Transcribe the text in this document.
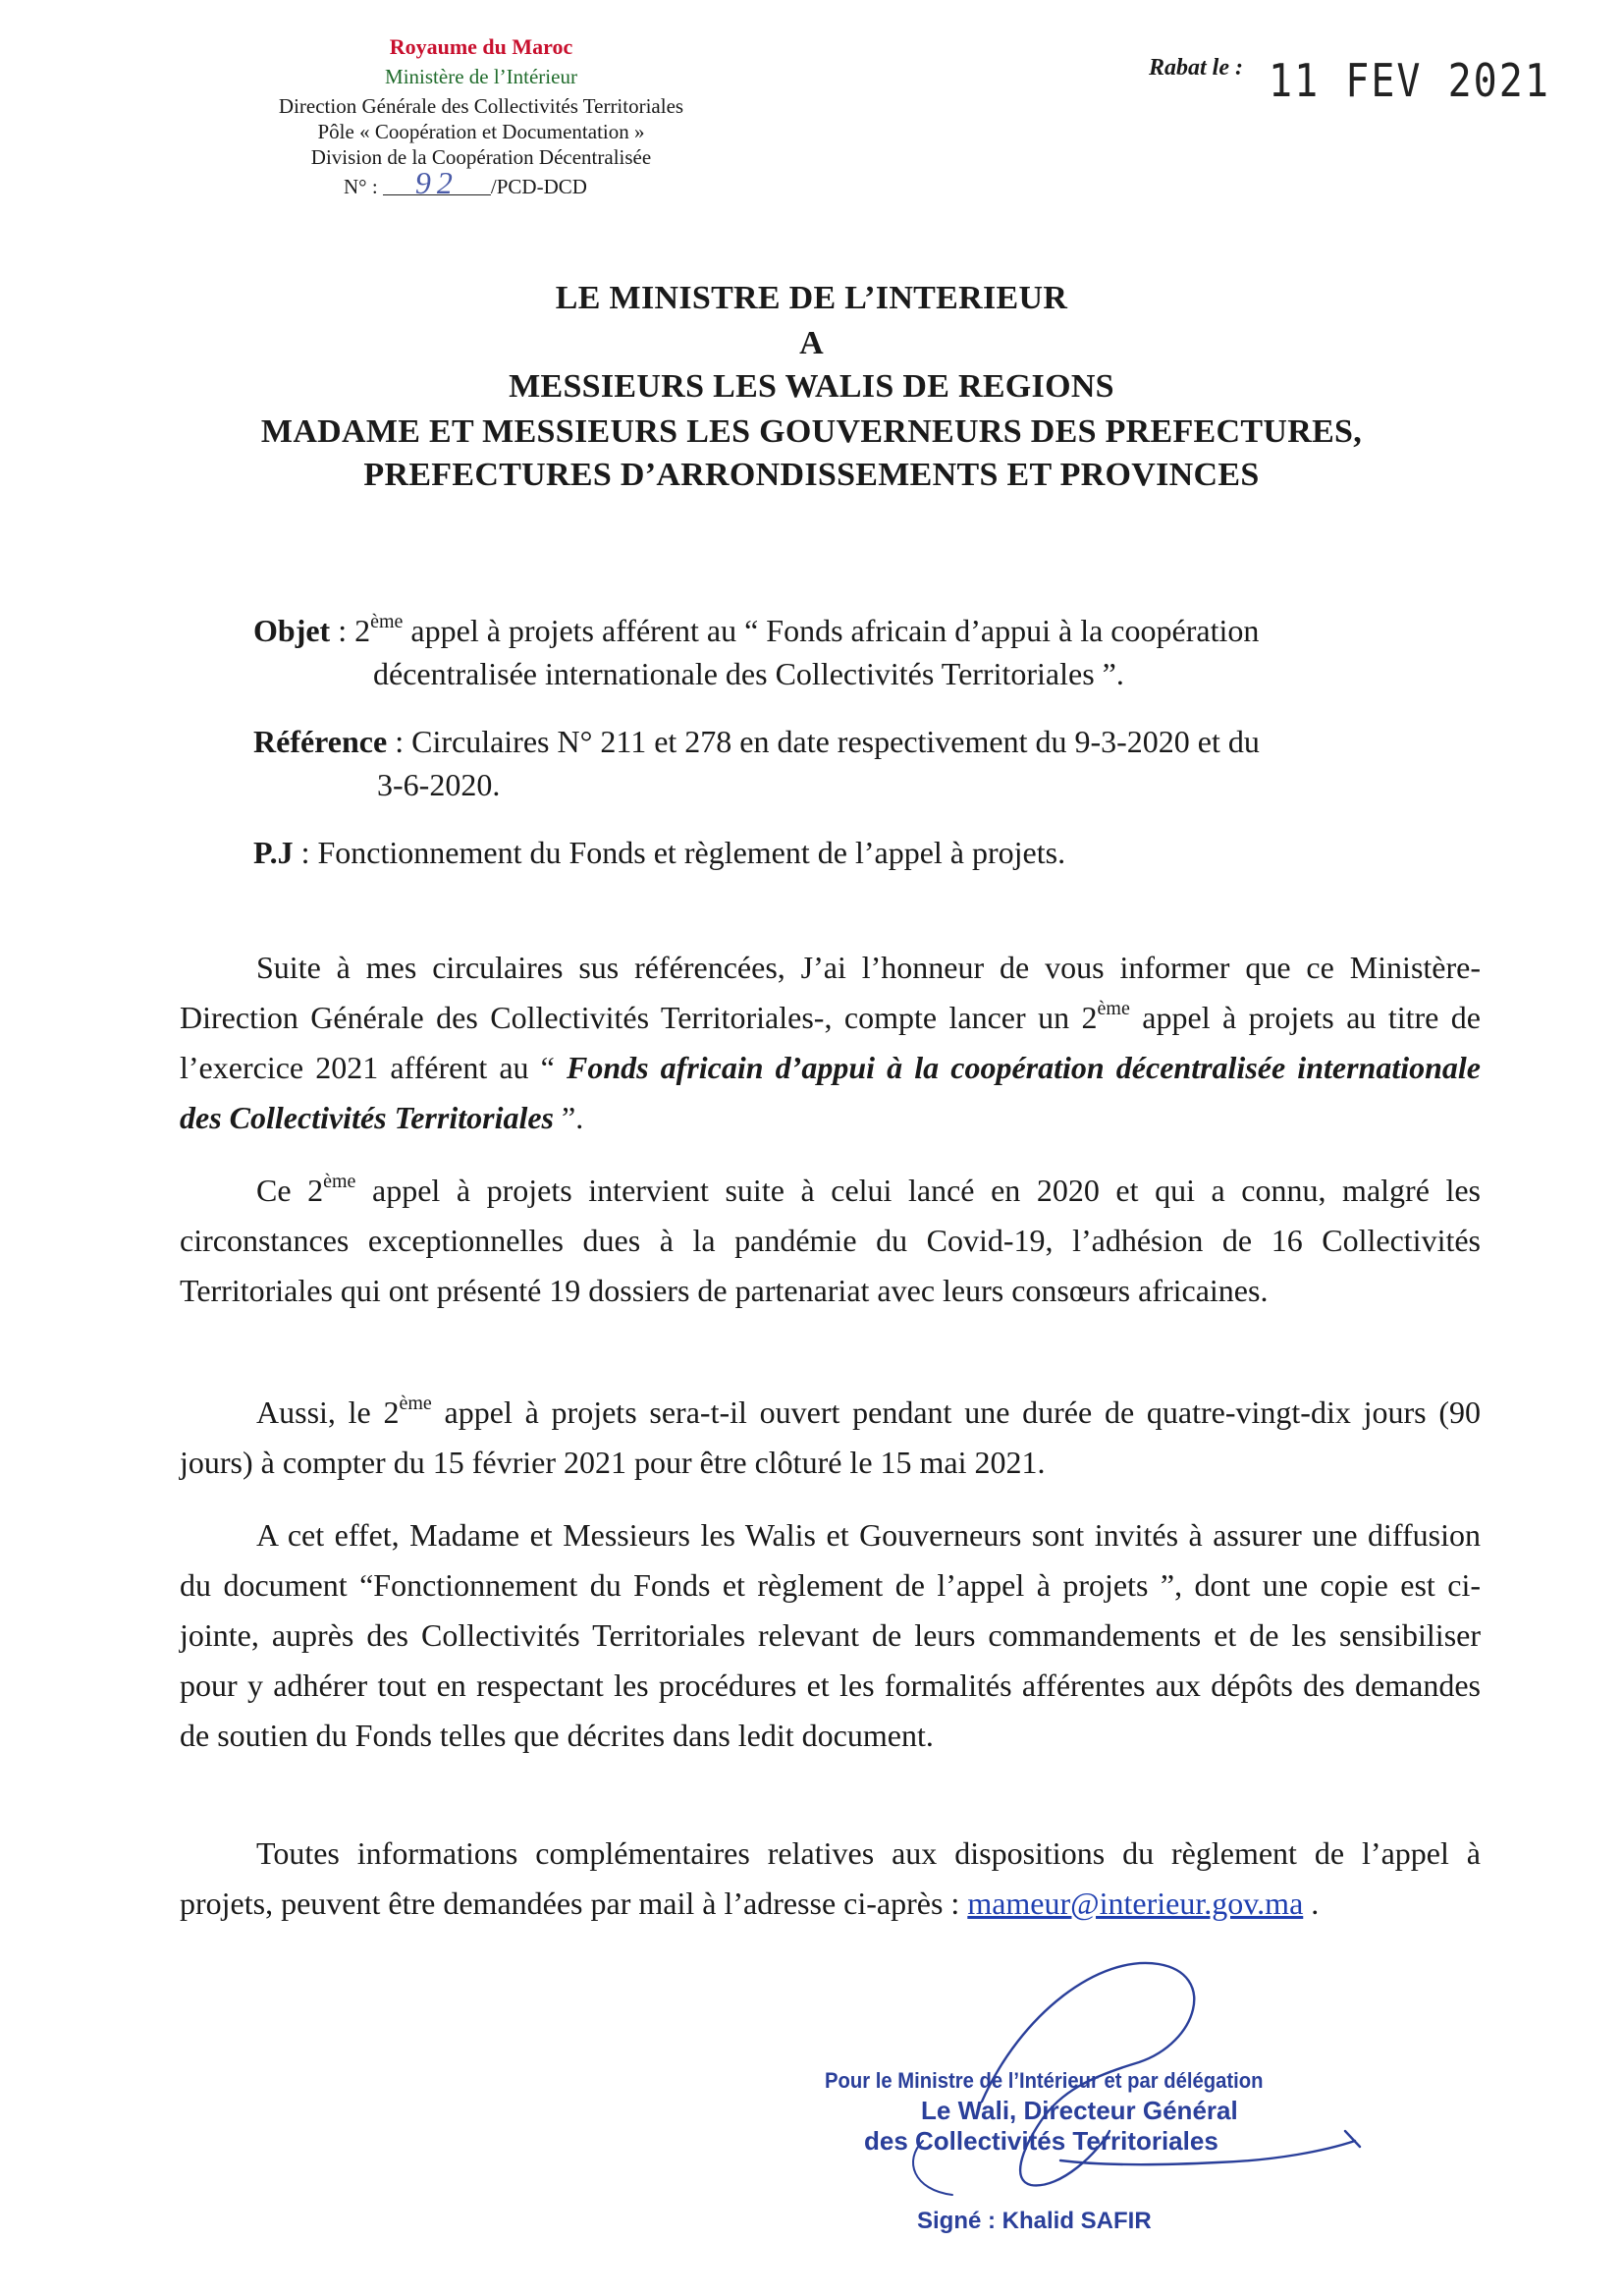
Royaume du Maroc
Ministère de l’Intérieur
Direction Générale des Collectivités Territoriales
Pôle « Coopération et Documentation »
Division de la Coopération Décentralisée
N° : 92 /PCD-DCD
Rabat le : 11 FEV 2021
LE MINISTRE DE L’INTERIEUR
A
MESSIEURS LES WALIS DE REGIONS
MADAME ET MESSIEURS LES GOUVERNEURS DES PREFECTURES,
PREFECTURES D’ARRONDISSEMENTS ET PROVINCES
Objet : 2ème appel à projets afférent au “ Fonds africain d’appui à la coopération
décentralisée internationale des Collectivités Territoriales ”.
Référence : Circulaires N° 211 et 278 en date respectivement du 9-3-2020 et du
3-6-2020.
P.J : Fonctionnement du Fonds et règlement de l’appel à projets.
Suite à mes circulaires sus référencées, J’ai l’honneur de vous informer que ce Ministère-Direction Générale des Collectivités Territoriales-, compte lancer un 2ème appel à projets au titre de l’exercice 2021 afférent au “ Fonds africain d’appui à la coopération décentralisée internationale des Collectivités Territoriales ”.
Ce 2ème appel à projets intervient suite à celui lancé en 2020 et qui a connu, malgré les circonstances exceptionnelles dues à la pandémie du Covid-19, l’adhésion de 16 Collectivités Territoriales qui ont présenté 19 dossiers de partenariat avec leurs consœurs africaines.
Aussi, le 2ème appel à projets sera-t-il ouvert pendant une durée de quatre-vingt-dix jours (90 jours) à compter du 15 février 2021 pour être clôturé le 15 mai 2021.
A cet effet, Madame et Messieurs les Walis et Gouverneurs sont invités à assurer une diffusion du document “Fonctionnement du Fonds et règlement de l’appel à projets ”, dont une copie est ci-jointe, auprès des Collectivités Territoriales relevant de leurs commandements et de les sensibiliser pour y adhérer tout en respectant les procédures et les formalités afférentes aux dépôts des demandes de soutien du Fonds telles que décrites dans ledit document.
Toutes informations complémentaires relatives aux dispositions du règlement de l’appel à projets, peuvent être demandées par mail à l’adresse ci-après : mameur@interieur.gov.ma .
Pour le Ministre de l’Intérieur et par délégation
Le Wali, Directeur Général
des Collectivités Territoriales
Signé : Khalid SAFIR
